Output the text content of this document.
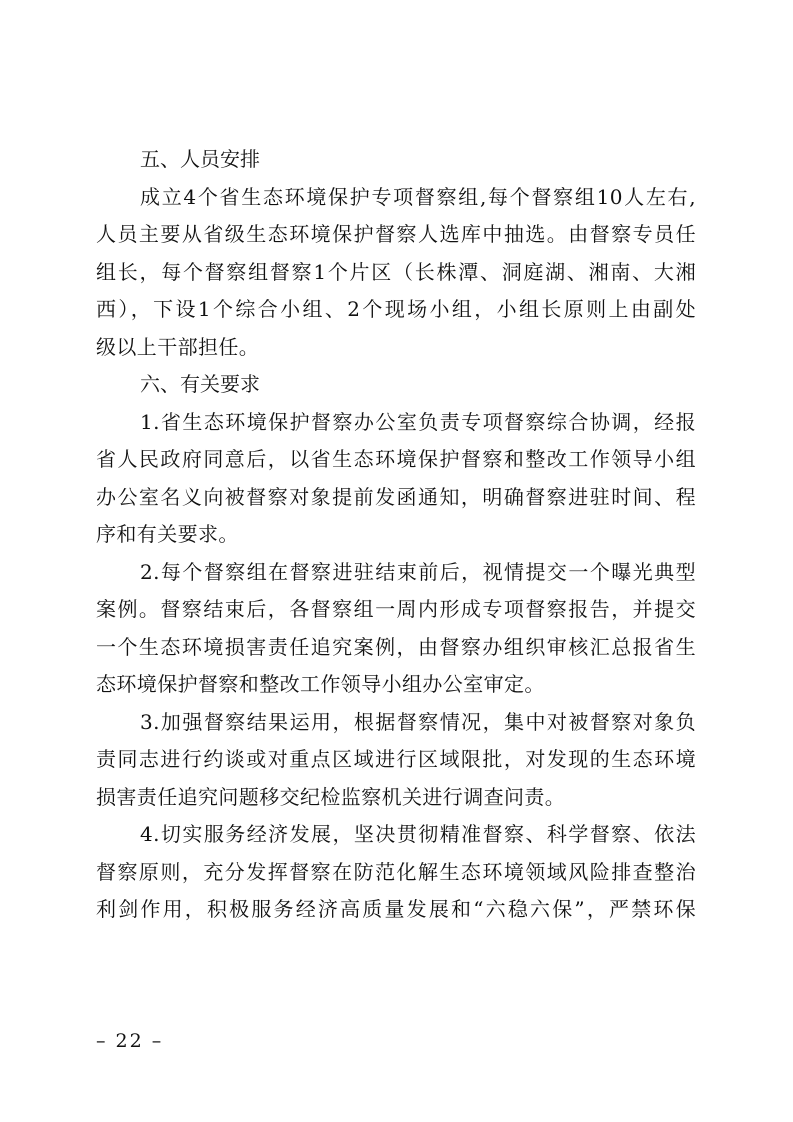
五、人员安排

成立4个省生态环境保护专项督察组,每个督察组10人左右,
人员主要从省级生态环境保护督察人选库中抽选。由督察专员任
组长，每个督察组督察1个片区（长株潭、洞庭湖、湘南、大湘
西），下设1个综合小组、2个现场小组，小组长原则上由副处
级以上干部担任。

六、有关要求

1.省生态环境保护督察办公室负责专项督察综合协调，经报
省人民政府同意后，以省生态环境保护督察和整改工作领导小组
办公室名义向被督察对象提前发函通知，明确督察进驻时间、程
序和有关要求。

2.每个督察组在督察进驻结束前后，视情提交一个曝光典型
案例。督察结束后，各督察组一周内形成专项督察报告，并提交
一个生态环境损害责任追究案例，由督察办组织审核汇总报省生
态环境保护督察和整改工作领导小组办公室审定。

3.加强督察结果运用，根据督察情况，集中对被督察对象负
责同志进行约谈或对重点区域进行区域限批，对发现的生态环境
损害责任追究问题移交纪检监察机关进行调查问责。

4.切实服务经济发展，坚决贯彻精准督察、科学督察、依法
督察原则，充分发挥督察在防范化解生态环境领域风险排查整治
利剑作用，积极服务经济高质量发展和“六稳六保”，严禁环保

– 22 –
